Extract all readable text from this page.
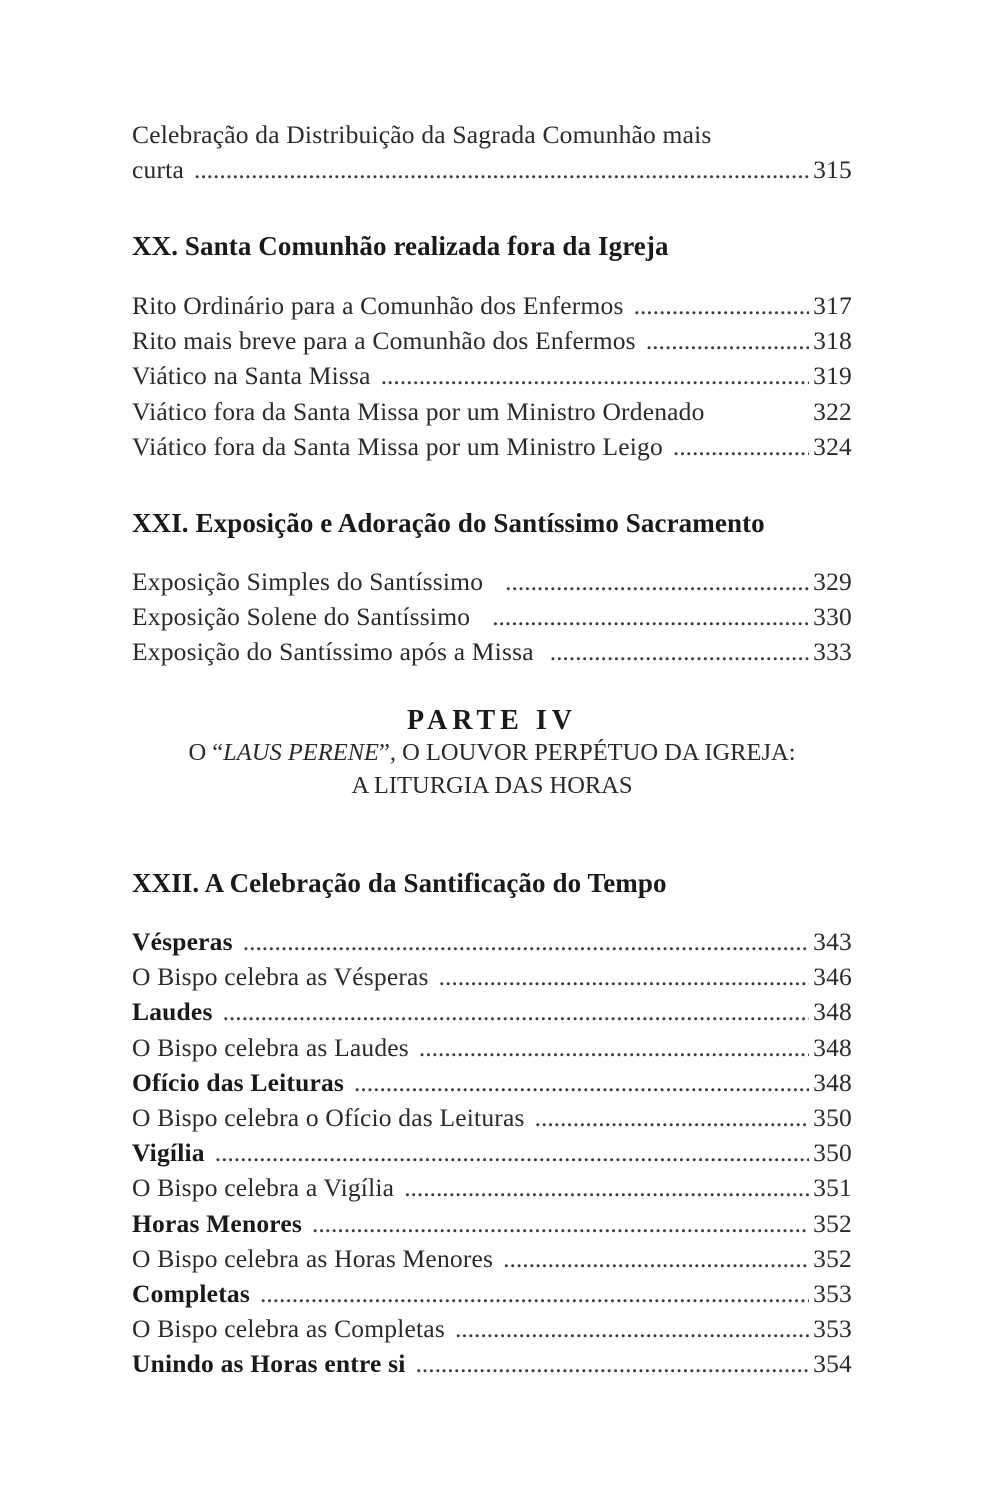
Celebração da Distribuição da Sagrada Comunhão mais
curta . . .	315
XX. Santa Comunhão realizada fora da Igreja
Rito Ordinário para a Comunhão dos Enfermos . . .	317
Rito mais breve para a Comunhão dos Enfermos . . .	318
Viático na Santa Missa . . .	319
Viático fora da Santa Missa por um Ministro Ordenado	322
Viático fora da Santa Missa por um Ministro Leigo . . .	324
XXI. Exposição e Adoração do Santíssimo Sacramento
Exposição Simples do Santíssimo . . .	329
Exposição Solene do Santíssimo . . .	330
Exposição do Santíssimo após a Missa . . .	333
PARTE IV
O “LAUS PERENE”, O LOUVOR PERPÉTUO DA IGREJA:
A LITURGIA DAS HORAS
XXII. A Celebração da Santificação do Tempo
Vésperas . . .	343
O Bispo celebra as Vésperas . . .	346
Laudes . . .	348
O Bispo celebra as Laudes . . .	348
Ofício das Leituras . . .	348
O Bispo celebra o Ofício das Leituras . . .	350
Vigília . . .	350
O Bispo celebra a Vigília . . .	351
Horas Menores . . .	352
O Bispo celebra as Horas Menores . . .	352
Completas . . .	353
O Bispo celebra as Completas . . .	353
Unindo as Horas entre si . . .	354
